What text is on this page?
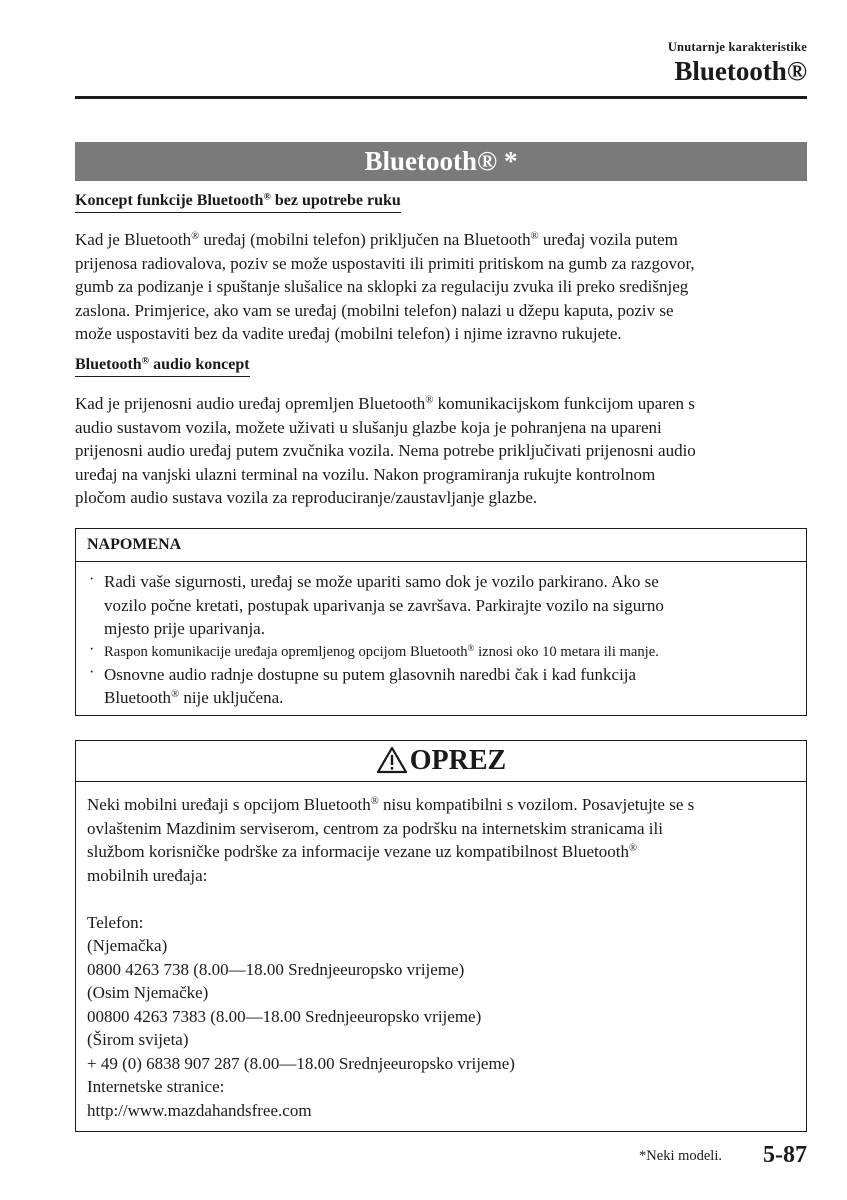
Unutarnje karakteristike
Bluetooth®
Bluetooth® *
Koncept funkcije Bluetooth® bez upotrebe ruku
Kad je Bluetooth® uređaj (mobilni telefon) priključen na Bluetooth® uređaj vozila putem
prijenosa radiovalova, poziv se može uspostaviti ili primiti pritiskom na gumb za razgovor,
gumb za podizanje i spuštanje slušalice na sklopki za regulaciju zvuka ili preko središnjeg
zaslona. Primjerice, ako vam se uređaj (mobilni telefon) nalazi u džepu kaputa, poziv se
može uspostaviti bez da vadite uređaj (mobilni telefon) i njime izravno rukujete.
Bluetooth® audio koncept
Kad je prijenosni audio uređaj opremljen Bluetooth® komunikacijskom funkcijom uparen s
audio sustavom vozila, možete uživati u slušanju glazbe koja je pohranjena na upareni
prijenosni audio uređaj putem zvučnika vozila. Nema potrebe priključivati prijenosni audio
uređaj na vanjski ulazni terminal na vozilu. Nakon programiranja rukujte kontrolnom
pločom audio sustava vozila za reproduciranje/zaustavljanje glazbe.
NAPOMENA
· Radi vaše sigurnosti, uređaj se može upariti samo dok je vozilo parkirano. Ako se
vozilo počne kretati, postupak uparivanja se završava. Parkirajte vozilo na sigurno
mjesto prije uparivanja.
· Raspon komunikacije uređaja opremljenog opcijom Bluetooth® iznosi oko 10 metara ili manje.
· Osnovne audio radnje dostupne su putem glasovnih naredbi čak i kad funkcija
Bluetooth® nije uključena.
OPREZ
Neki mobilni uređaji s opcijom Bluetooth® nisu kompatibilni s vozilom. Posavjetujte se s
ovlaštenim Mazdinim serviserom, centrom za podršku na internetskim stranicama ili
službom korisničke podrške za informacije vezane uz kompatibilnost Bluetooth®
mobilnih uređaja:
Telefon:
(Njemačka)
0800 4263 738 (8.00—18.00 Srednjeeuropsko vrijeme)
(Osim Njemačke)
00800 4263 7383 (8.00—18.00 Srednjeeuropsko vrijeme)
(Širom svijeta)
+ 49 (0) 6838 907 287 (8.00—18.00 Srednjeeuropsko vrijeme)
Internetske stranice:
http://www.mazdahandsfree.com
*Neki modeli. 5-87
